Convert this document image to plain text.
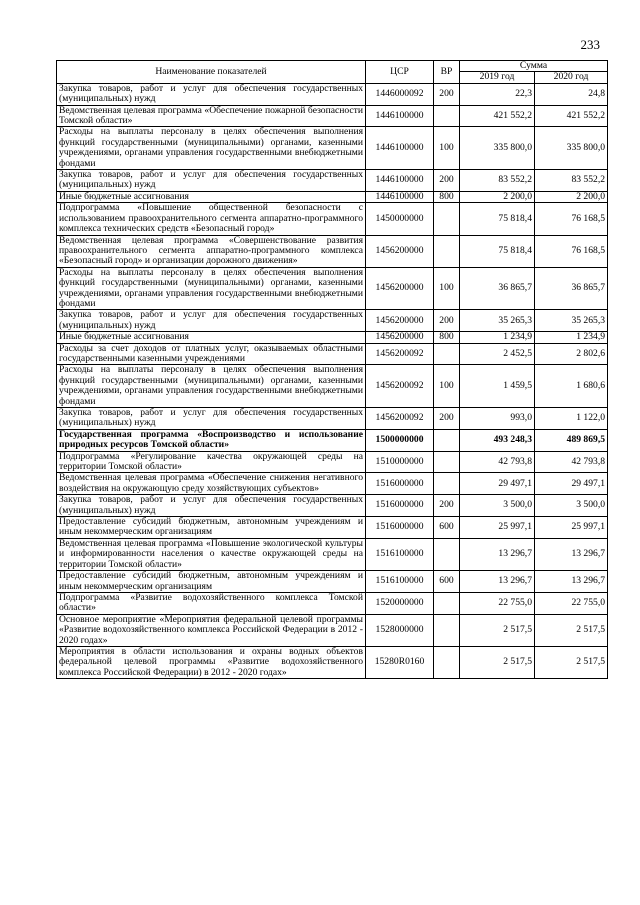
233
Наименование показателей	ЦСР	ВР	Сумма	
			2019 год	2020 год
Закупка товаров, работ и услуг для обеспечения государственных (муниципальных) нужд	1446000092	200	22,3	24,8
Ведомственная целевая программа «Обеспечение пожарной безопасности Томской области»	1446100000		421 552,2	421 552,2
Расходы на выплаты персоналу в целях обеспечения выполнения функций государственными (муниципальными) органами, казенными учреждениями, органами управления государственными внебюджетными фондами	1446100000	100	335 800,0	335 800,0
Закупка товаров, работ и услуг для обеспечения государственных (муниципальных) нужд	1446100000	200	83 552,2	83 552,2
Иные бюджетные ассигнования	1446100000	800	2 200,0	2 200,0
Подпрограмма «Повышение общественной безопасности с использованием правоохранительного сегмента аппаратно-программного комплекса технических средств «Безопасный город»	1450000000		75 818,4	76 168,5
Ведомственная целевая программа «Совершенствование развития правоохранительного сегмента аппаратно-программного комплекса «Безопасный город» и организации дорожного движения»	1456200000		75 818,4	76 168,5
Расходы на выплаты персоналу в целях обеспечения выполнения функций государственными (муниципальными) органами, казенными учреждениями, органами управления государственными внебюджетными фондами	1456200000	100	36 865,7	36 865,7
Закупка товаров, работ и услуг для обеспечения государственных (муниципальных) нужд	1456200000	200	35 265,3	35 265,3
Иные бюджетные ассигнования	1456200000	800	1 234,9	1 234,9
Расходы за счет доходов от платных услуг, оказываемых областными государственными казенными учреждениями	1456200092		2 452,5	2 802,6
Расходы на выплаты персоналу в целях обеспечения выполнения функций государственными (муниципальными) органами, казенными учреждениями, органами управления государственными внебюджетными фондами	1456200092	100	1 459,5	1 680,6
Закупка товаров, работ и услуг для обеспечения государственных (муниципальных) нужд	1456200092	200	993,0	1 122,0
Государственная программа «Воспроизводство и использование природных ресурсов Томской области»	1500000000		493 248,3	489 869,5
Подпрограмма «Регулирование качества окружающей среды на территории Томской области»	1510000000		42 793,8	42 793,8
Ведомственная целевая программа «Обеспечение снижения негативного воздействия на окружающую среду хозяйствующих субъектов»	1516000000		29 497,1	29 497,1
Закупка товаров, работ и услуг для обеспечения государственных (муниципальных) нужд	1516000000	200	3 500,0	3 500,0
Предоставление субсидий бюджетным, автономным учреждениям и иным некоммерческим организациям	1516000000	600	25 997,1	25 997,1
Ведомственная целевая программа «Повышение экологической культуры и информированности населения о качестве окружающей среды на территории Томской области»	1516100000		13 296,7	13 296,7
Предоставление субсидий бюджетным, автономным учреждениям и иным некоммерческим организациям	1516100000	600	13 296,7	13 296,7
Подпрограмма «Развитие водохозяйственного комплекса Томской области»	1520000000		22 755,0	22 755,0
Основное мероприятие «Мероприятия федеральной целевой программы «Развитие водохозяйственного комплекса Российской Федерации в 2012 - 2020 годах»	1528000000		2 517,5	2 517,5
Мероприятия в области использования и охраны водных объектов федеральной целевой программы «Развитие водохозяйственного комплекса Российской Федерации) в 2012 - 2020 годах»	15280R0160		2 517,5	2 517,5
